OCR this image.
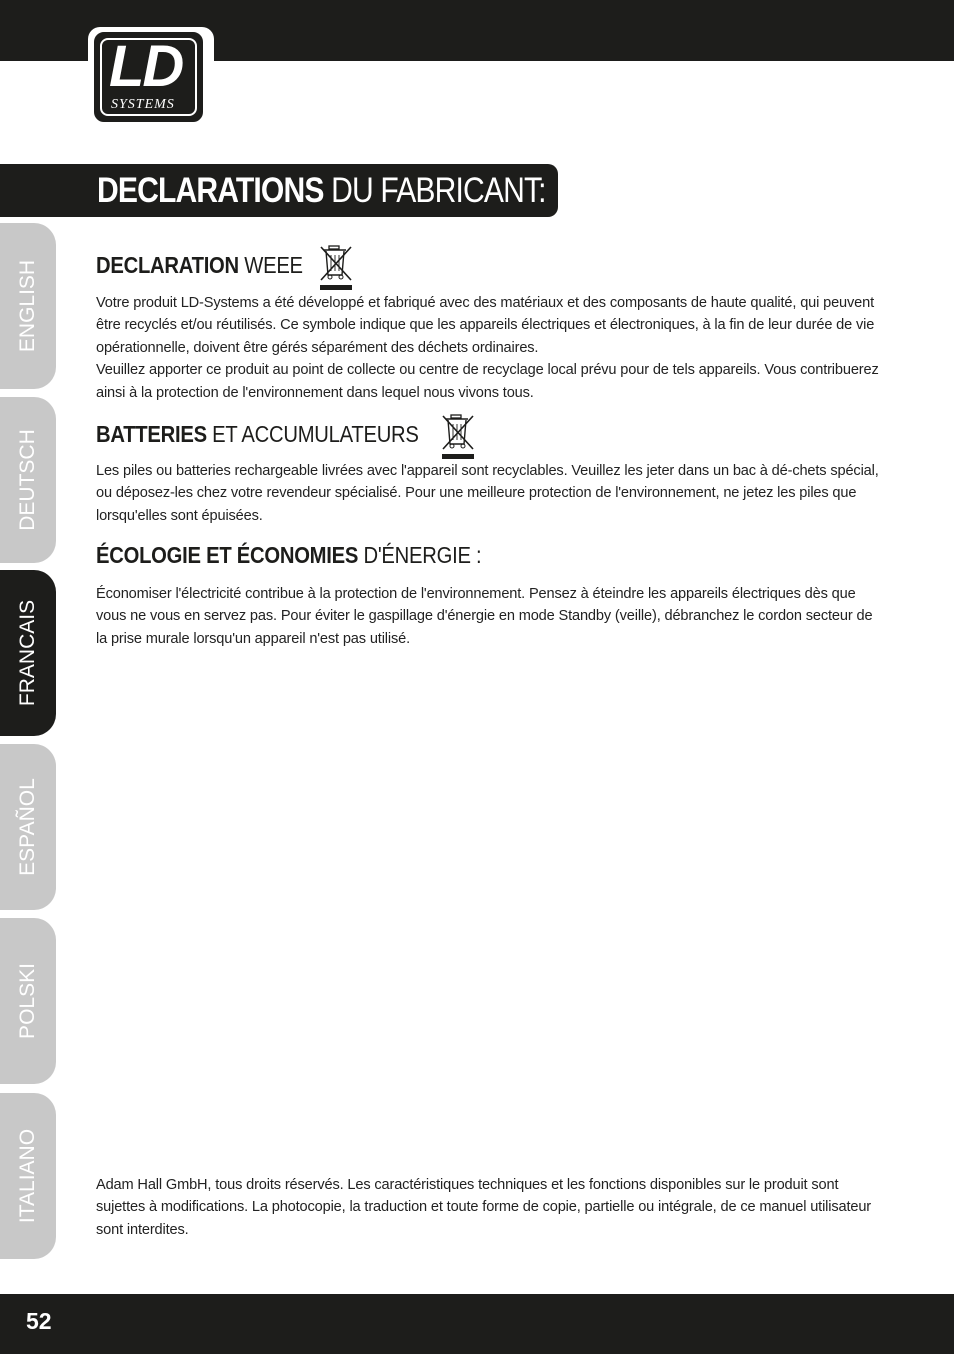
LD
SYSTEMS
DECLARATIONS DU FABRICANT:
ENGLISH
DEUTSCH
FRANCAIS
ESPAÑOL
POLSKI
ITALIANO
DECLARATION WEEE

Votre produit LD-Systems a été développé et fabriqué avec des matériaux et des composants de haute qualité, qui peuvent être recyclés et/ou réutilisés. Ce symbole indique que les appareils électriques et électroniques, à la fin de leur durée de vie opérationnelle, doivent être gérés séparément des déchets ordinaires.

Veuillez apporter ce produit au point de collecte ou centre de recyclage local prévu pour de tels appareils. Vous contribuerez ainsi à la protection de l'environnement dans lequel nous vivons tous.

BATTERIES ET ACCUMULATEURS

Les piles ou batteries rechargeable livrées avec l'appareil sont recyclables. Veuillez les jeter dans un bac à dé-chets spécial, ou déposez-les chez votre revendeur spécialisé. Pour une meilleure protection de l'environnement, ne jetez les piles que lorsqu'elles sont épuisées.

ÉCOLOGIE ET ÉCONOMIES D'ÉNERGIE :

Économiser l'électricité contribue à la protection de l'environnement. Pensez à éteindre les appareils électriques dès que vous ne vous en servez pas. Pour éviter le gaspillage d'énergie en mode Standby (veille), débranchez le cordon secteur de la prise murale lorsqu'un appareil n'est pas utilisé.

Adam Hall GmbH, tous droits réservés. Les caractéristiques techniques et les fonctions disponibles sur le produit sont sujettes à modifications. La photocopie, la traduction et toute forme de copie, partielle ou intégrale, de ce manuel utilisateur sont interdites.

52
